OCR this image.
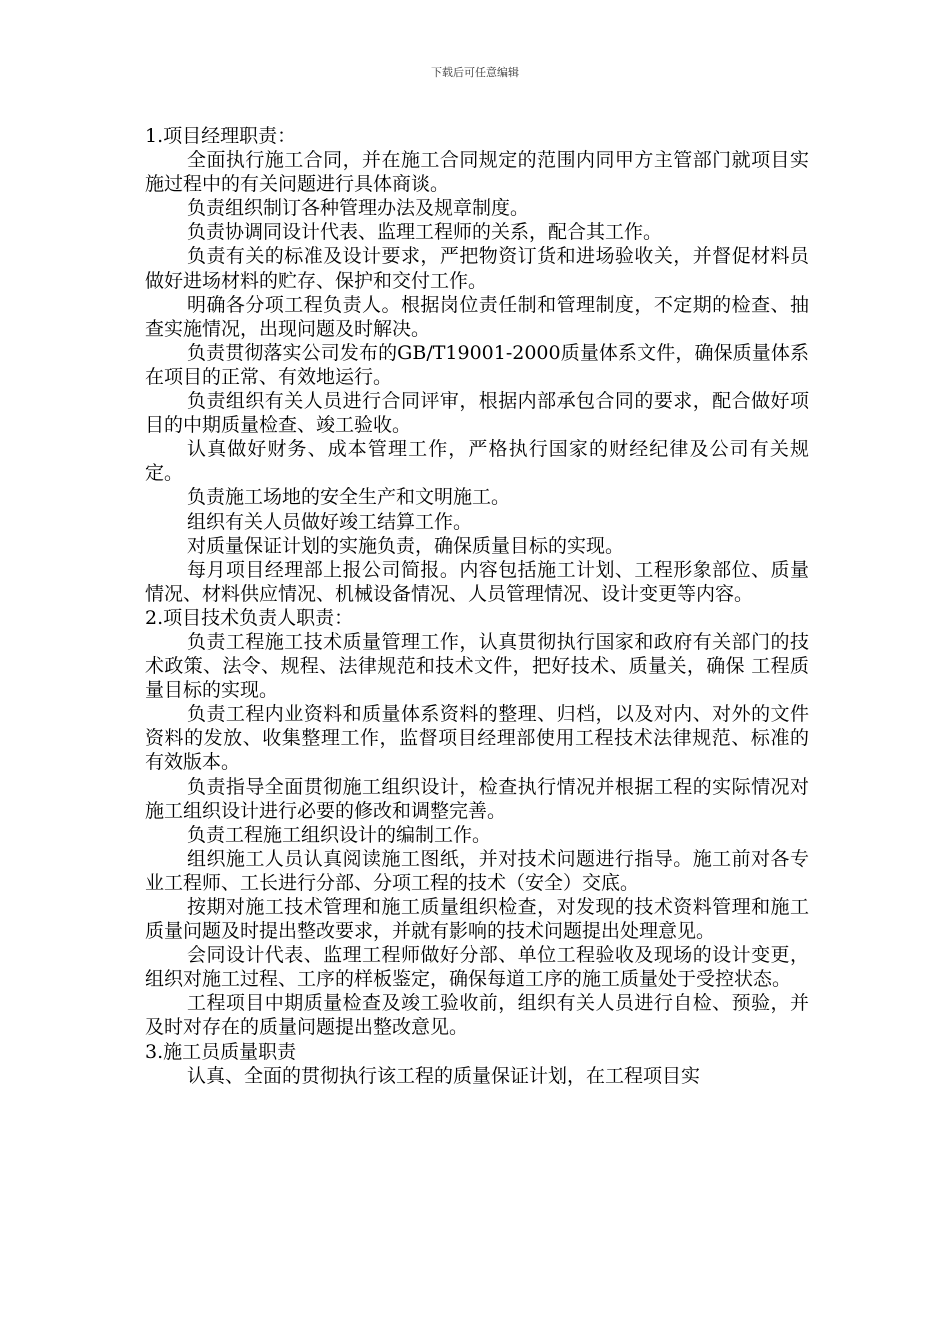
下载后可任意编辑

1.项目经理职责：

全面执行施工合同，并在施工合同规定的范围内同甲方主管部门就项目实施过程中的有关问题进行具体商谈。

负责组织制订各种管理办法及规章制度。

负责协调同设计代表、监理工程师的关系，配合其工作。

负责有关的标准及设计要求，严把物资订货和进场验收关，并督促材料员做好进场材料的贮存、保护和交付工作。

明确各分项工程负责人。根据岗位责任制和管理制度，不定期的检查、抽查实施情况，出现问题及时解决。

负责贯彻落实公司发布的GB/T19001-2000质量体系文件，确保质量体系在项目的正常、有效地运行。

负责组织有关人员进行合同评审，根据内部承包合同的要求，配合做好项目的中期质量检查、竣工验收。

认真做好财务、成本管理工作，严格执行国家的财经纪律及公司有关规定。

负责施工场地的安全生产和文明施工。

组织有关人员做好竣工结算工作。

对质量保证计划的实施负责，确保质量目标的实现。

每月项目经理部上报公司简报。内容包括施工计划、工程形象部位、质量情况、材料供应情况、机械设备情况、人员管理情况、设计变更等内容。

2.项目技术负责人职责：

负责工程施工技术质量管理工作，认真贯彻执行国家和政府有关部门的技术政策、法令、规程、法律规范和技术文件，把好技术、质量关，确保 工程质量目标的实现。

负责工程内业资料和质量体系资料的整理、归档，以及对内、对外的文件资料的发放、收集整理工作，监督项目经理部使用工程技术法律规范、标准的有效版本。

负责指导全面贯彻施工组织设计，检查执行情况并根据工程的实际情况对施工组织设计进行必要的修改和调整完善。

负责工程施工组织设计的编制工作。

组织施工人员认真阅读施工图纸，并对技术问题进行指导。施工前对各专业工程师、工长进行分部、分项工程的技术（安全）交底。

按期对施工技术管理和施工质量组织检查，对发现的技术资料管理和施工质量问题及时提出整改要求，并就有影响的技术问题提出处理意见。

会同设计代表、监理工程师做好分部、单位工程验收及现场的设计变更，组织对施工过程、工序的样板鉴定，确保每道工序的施工质量处于受控状态。

工程项目中期质量检查及竣工验收前，组织有关人员进行自检、预验，并及时对存在的质量问题提出整改意见。

3.施工员质量职责

认真、全面的贯彻执行该工程的质量保证计划，在工程项目实
